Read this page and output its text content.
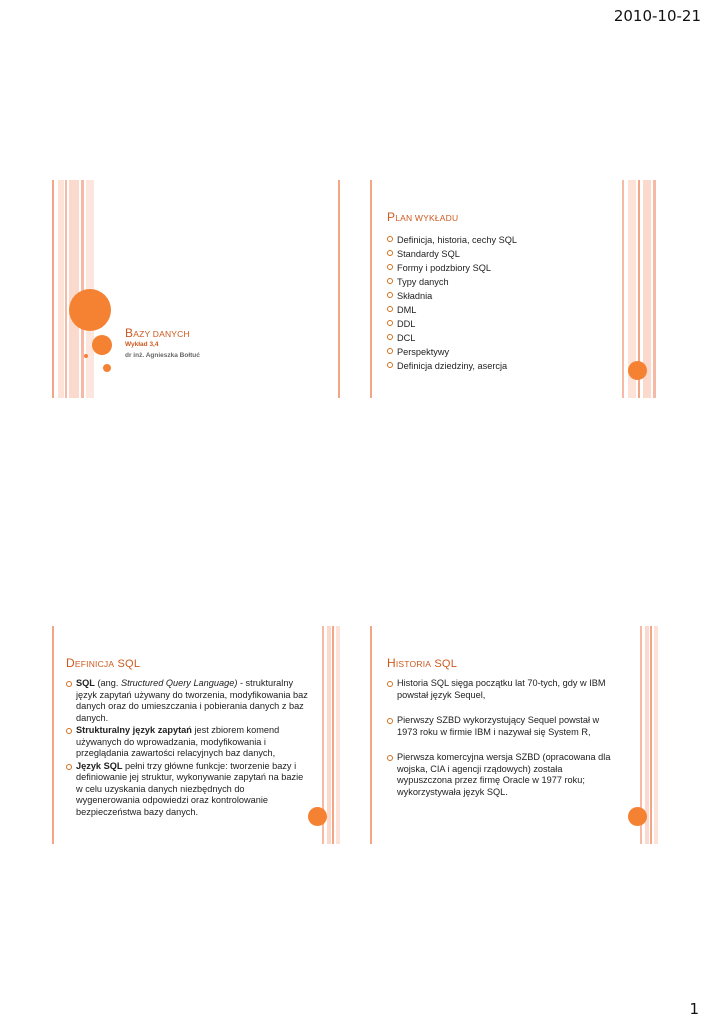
2010-10-21
BAZY DANYCH
Wykład 3,4
dr inż. Agnieszka Bołtuć
PLAN WYKŁADU
Definicja, historia, cechy SQL
Standardy SQL
Formy i podzbiory SQL
Typy danych
Składnia
DML
DDL
DCL
Perspektywy
Definicja dziedziny, asercja
DEFINICJA SQL
SQL (ang. Structured Query Language) - strukturalny język zapytań używany do tworzenia, modyfikowania baz danych oraz do umieszczania i pobierania danych z baz danych.
Strukturalny język zapytań jest zbiorem komend używanych do wprowadzania, modyfikowania i przeglądania zawartości relacyjnych baz danych,
Język SQL pełni trzy główne funkcje: tworzenie bazy i definiowanie jej struktur, wykonywanie zapytań na bazie w celu uzyskania danych niezbędnych do wygenerowania odpowiedzi oraz kontrolowanie bezpieczeństwa bazy danych.
HISTORIA SQL
Historia SQL sięga początku lat 70-tych, gdy w IBM powstał język Sequel,
Pierwszy SZBD wykorzystujący Sequel powstał w 1973 roku w firmie IBM i nazywał się System R,
Pierwsza komercyjna wersja SZBD (opracowana dla wojska, CIA i agencji rządowych) została wypuszczona przez firmę Oracle w 1977 roku; wykorzystywała język SQL.
1
